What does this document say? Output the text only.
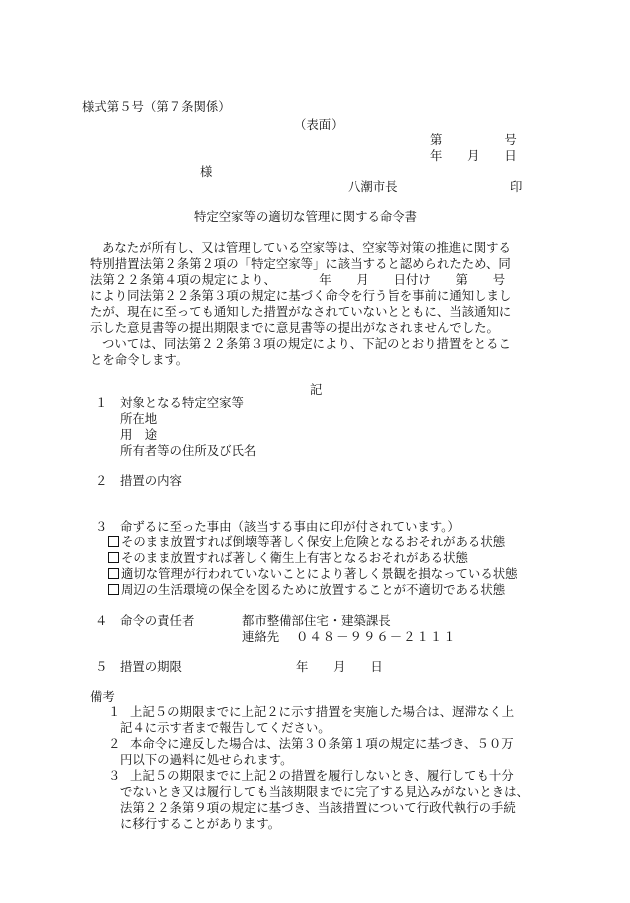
様式第５号（第７条関係）
（表面）
第　　　　　号
年　　月　　日
様
八潮市長	印
特定空家等の適切な管理に関する命令書
あなたが所有し、又は管理している空家等は、空家等対策の推進に関する
特別措置法第２条第２項の「特定空家等」に該当すると認められたため、同
法第２２条第４項の規定により、　　　　年　　月　　日付け　　第　　号
により同法第２２条第３項の規定に基づく命令を行う旨を事前に通知しまし
たが、現在に至っても通知した措置がなされていないとともに、当該通知に
示した意見書等の提出期限までに意見書等の提出がなされませんでした。
ついては、同法第２２条第３項の規定により、下記のとおり措置をとるこ
とを命令します。
記
１ 対象となる特定空家等
所在地
用　途
所有者等の住所及び氏名
２ 措置の内容
３ 命ずるに至った事由（該当する事由に印が付されています。）
そのまま放置すれば倒壊等著しく保安上危険となるおそれがある状態
そのまま放置すれば著しく衛生上有害となるおそれがある状態
適切な管理が行われていないことにより著しく景観を損なっている状態
周辺の生活環境の保全を図るために放置することが不適切である状態
４ 命令の責任者	都市整備部住宅・建築課長
連絡先 ０４８－９９６－２１１１
５ 措置の期限	年　　月　　日
備考
１ 上記５の期限までに上記２に示す措置を実施した場合は、遅滞なく上
記４に示す者まで報告してください。
２ 本命令に違反した場合は、法第３０条第１項の規定に基づき、５０万
円以下の過料に処せられます。
３ 上記５の期限までに上記２の措置を履行しないとき、履行しても十分
でないとき又は履行しても当該期限までに完了する見込みがないときは、
法第２２条第９項の規定に基づき、当該措置について行政代執行の手続
に移行することがあります。
